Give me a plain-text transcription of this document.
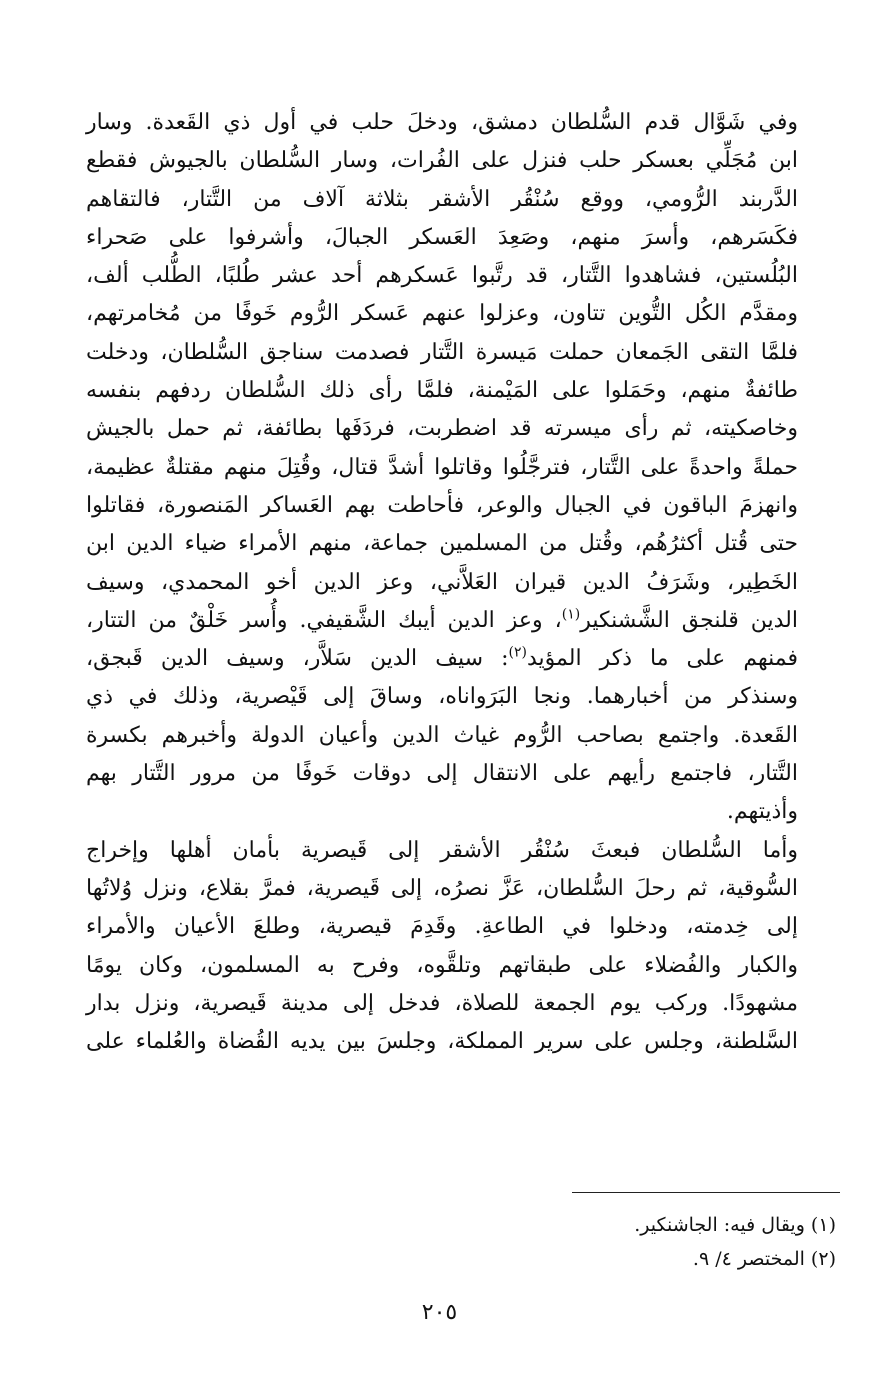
وفي شَوَّال قدم السُّلطان دمشق، ودخلَ حلب في أول ذي القَعدة. وسار
ابن مُجَلِّي بعسكر حلب فنزل على الفُرات، وسار السُّلطان بالجيوش فقطع
الدَّربند الرُّومي، ووقع سُنْقُر الأشقر بثلاثة آلاف من التَّتار، فالتقاهم
فكَسَرهم، وأسرَ منهم، وصَعِدَ العَسكر الجبالَ، وأشرفوا على صَحراء
البُلُستين، فشاهدوا التَّتار، قد رتَّبوا عَسكرهم أحد عشر طُلبًا، الطُّلب ألف،
ومقدَّم الكُل التُّوين تتاون، وعزلوا عنهم عَسكر الرُّوم خَوفًا من مُخامرتهم،
فلمَّا التقى الجَمعان حملت مَيسرة التَّتار فصدمت سناجق السُّلطان، ودخلت
طائفةٌ منهم، وحَمَلوا على المَيْمنة، فلمَّا رأى ذلك السُّلطان ردفهم بنفسه
وخاصكيته، ثم رأى ميسرته قد اضطربت، فردَفَها بطائفة، ثم حمل بالجيش
حملةً واحدةً على التَّتار، فترجَّلُوا وقاتلوا أشدَّ قتال، وقُتِلَ منهم مقتلةٌ عظيمة،
وانهزمَ الباقون في الجبال والوعر، فأحاطت بهم العَساكر المَنصورة، فقاتلوا
حتى قُتل أكثرُهُم، وقُتل من المسلمين جماعة، منهم الأمراء ضياء الدين ابن
الخَطِير، وشَرَفُ الدين قيران العَلاَّني، وعز الدين أخو المحمدي، وسيف
الدين قلنجق الشَّشنكير$^{(١)}$، وعز الدين أيبك الشَّقيفي. وأُسر خَلْقٌ من التتار،
فمنهم على ما ذكر المؤيد$^{(٢)}$: سيف الدين سَلاَّر، وسيف الدين قَبجق،
وسنذكر من أخبارهما. ونجا البَرَواناه، وساقَ إلى قَيْصرية، وذلك في ذي
القَعدة. واجتمع بصاحب الرُّوم غياث الدين وأعيان الدولة وأخبرهم بكسرة
التَّتار، فاجتمع رأيهم على الانتقال إلى دوقات خَوفًا من مرور التَّتار بهم
وأذيتهم.

وأما السُّلطان فبعثَ سُنْقُر الأشقر إلى قَيصرية بأمان أهلها وإخراج
السُّوقية، ثم رحلَ السُّلطان، عَزَّ نصرُه، إلى قَيصرية، فمرَّ بقلاع، ونزل وُلاتُها
إلى خِدمته، ودخلوا في الطاعةِ. وقَدِمَ قيصرية، وطلعَ الأعيان والأمراء
والكبار والفُضلاء على طبقاتهم وتلقَّوه، وفرح به المسلمون، وكان يومًا
مشهودًا. وركب يوم الجمعة للصلاة، فدخل إلى مدينة قَيصرية، ونزل بدار
السَّلطنة، وجلس على سرير المملكة، وجلسَ بين يديه القُضاة والعُلماء على

(١) ويقال فيه: الجاشنكير.
(٢) المختصر ٤/ ٩.
٢٠٥
